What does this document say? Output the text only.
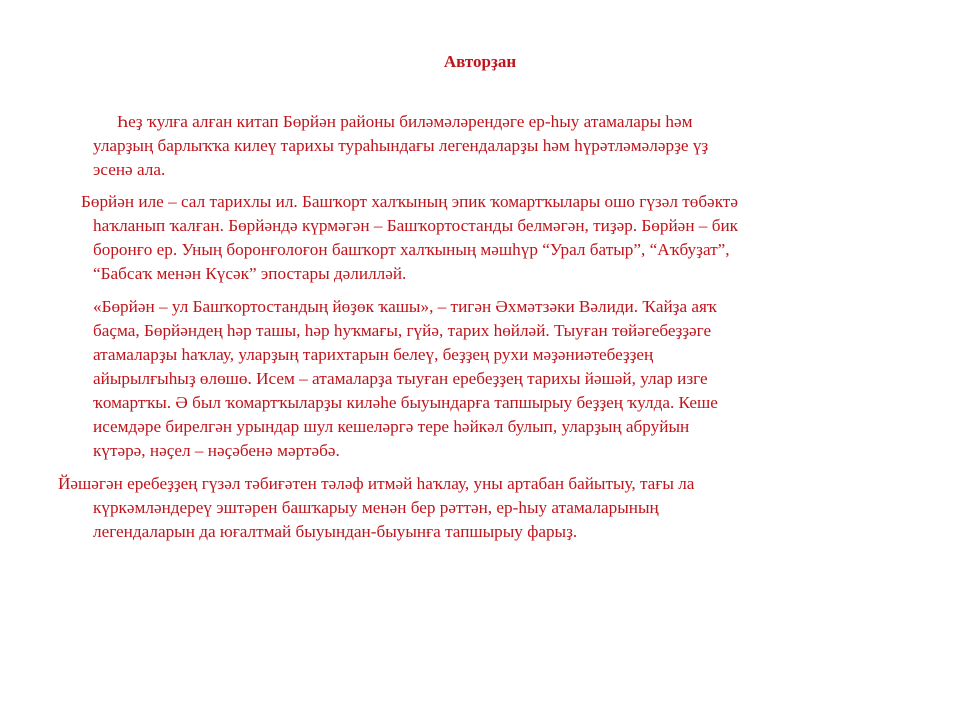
Авторҙан

Һеҙ ҡулға алған китап Бөрйән районы биләмәләрендәге ер-һыу атамалары һәм

уларҙың барлыҡҡа килеү тарихы тураһындағы легендаларҙы һәм һүрәтләмәләрҙе үҙ

эсенә ала.

Бөрйән иле – сал тарихлы ил. Башҡорт халҡының эпик ҡомартҡылары ошо гүзәл төбәктә

һаҡланып ҡалған. Бөрйәндә күрмәгән – Башҡортостанды белмәгән, тиҙәр. Бөрйән – бик

боронғо ер. Уның боронғолоғон башҡорт халҡының мәшһүр “Урал батыр”, “Аҡбуҙат”,

“Бабсаҡ менән Күсәк” эпостары дәлилләй.

«Бөрйән – ул Башҡортостандың йөҙөк ҡашы», – тигән Әхмәтзәки Вәлиди. Ҡайҙа аяҡ

баҫма, Бөрйәндең һәр ташы, һәр һуҡмағы, гүйә, тарих һөйләй. Тыуған төйәгебеҙҙәге

атамаларҙы һаҡлау, уларҙың тарихтарын белеү, беҙҙең рухи мәҙәниәтебеҙҙең

айырылғыһыҙ өлөшө. Исем – атамаларҙа тыуған еребеҙҙең тарихы йәшәй, улар изге

ҡомартҡы. Ә был ҡомартҡыларҙы киләһе быуындарға тапшырыу беҙҙең ҡулда. Кеше

исемдәре бирелгән урындар шул кешеләргә тере һәйкәл булып, уларҙың абруйын

күтәрә, нәҫел – нәҫәбенә мәртәбә.

Йәшәгән еребеҙҙең гүзәл тәбиғәтен тәләф итмәй һаҡлау, уны артабан байытыу, тағы ла

күркәмләндереү эштәрен башҡарыу менән бер рәттән, ер-һыу атамаларының

легендаларын да юғалтмай быуындан-быуынға тапшырыу фарыҙ.
